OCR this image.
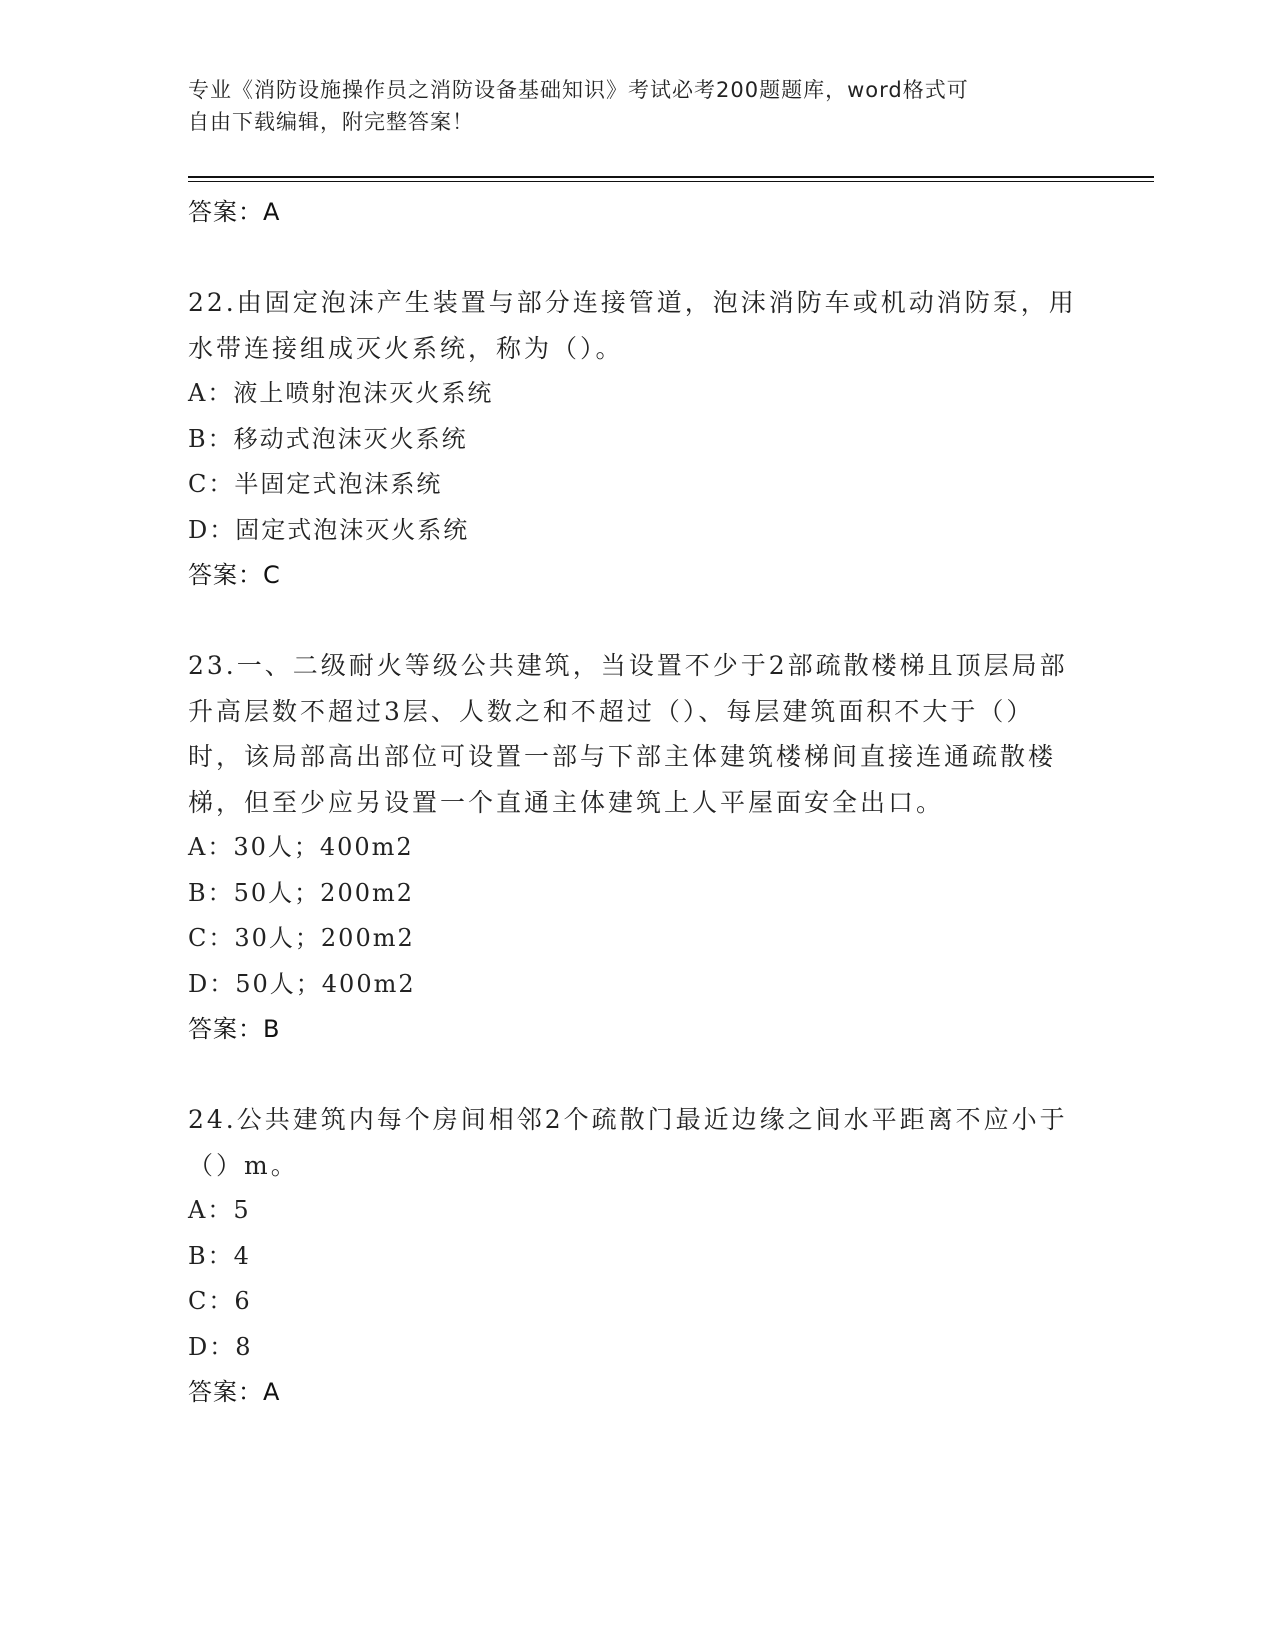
专业《消防设施操作员之消防设备基础知识》考试必考200题题库，word格式可
自由下载编辑，附完整答案！
答案：A
22.由固定泡沫产生装置与部分连接管道，泡沫消防车或机动消防泵，用水带连接组成灭火系统，称为（）。
A：液上喷射泡沫灭火系统
B：移动式泡沫灭火系统
C：半固定式泡沫系统
D：固定式泡沫灭火系统
答案：C
23.一、二级耐火等级公共建筑，当设置不少于2部疏散楼梯且顶层局部升高层数不超过3层、人数之和不超过（）、每层建筑面积不大于（）时，该局部高出部位可设置一部与下部主体建筑楼梯间直接连通疏散楼梯，但至少应另设置一个直通主体建筑上人平屋面安全出口。
A：30人；400m2
B：50人；200m2
C：30人；200m2
D：50人；400m2
答案：B
24.公共建筑内每个房间相邻2个疏散门最近边缘之间水平距离不应小于（）m。
A：5
B：4
C：6
D：8
答案：A
